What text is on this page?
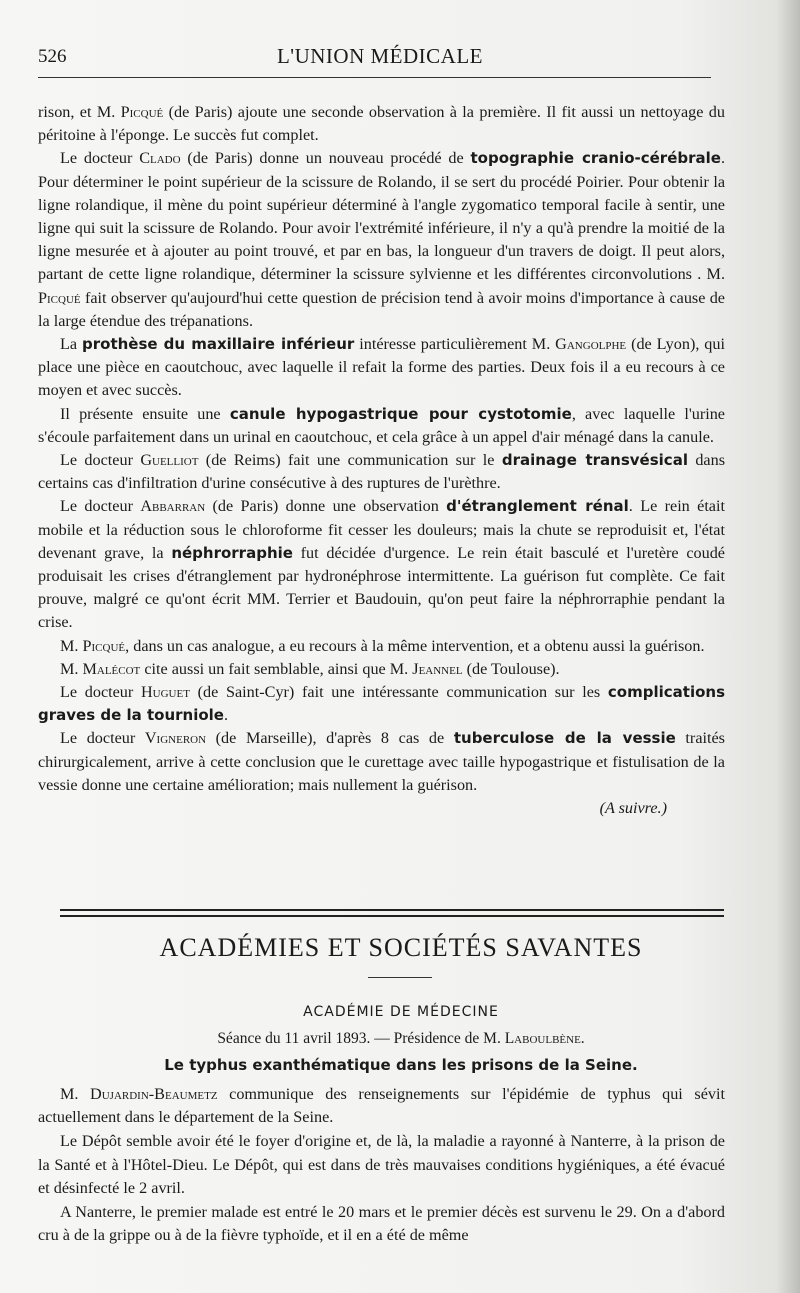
526	L'UNION MÉDICALE

rison, et M. Picqué (de Paris) ajoute une seconde observation à la première. Il fit aussi un nettoyage du péritoine à l'éponge. Le succès fut complet.

Le docteur Clado (de Paris) donne un nouveau procédé de topographie cranio-cérébrale. Pour déterminer le point supérieur de la scissure de Rolando, il se sert du procédé Poirier. Pour obtenir la ligne rolandique, il mène du point supérieur déterminé à l'angle zygomatico temporal facile à sentir, une ligne qui suit la scissure de Rolando. Pour avoir l'extrémité inférieure, il n'y a qu'à prendre la moitié de la ligne mesurée et à ajouter au point trouvé, et par en bas, la longueur d'un travers de doigt. Il peut alors, partant de cette ligne rolandique, déterminer la scissure sylvienne et les différentes circonvolutions . M. Picqué fait observer qu'aujourd'hui cette question de précision tend à avoir moins d'importance à cause de la large étendue des trépanations.

La prothèse du maxillaire inférieur intéresse particulièrement M. Gangolphe (de Lyon), qui place une pièce en caoutchouc, avec laquelle il refait la forme des parties. Deux fois il a eu recours à ce moyen et avec succès.

Il présente ensuite une canule hypogastrique pour cystotomie, avec laquelle l'urine s'écoule parfaitement dans un urinal en caoutchouc, et cela grâce à un appel d'air ménagé dans la canule.

Le docteur Guelliot (de Reims) fait une communication sur le drainage transvésical dans certains cas d'infiltration d'urine consécutive à des ruptures de l'urèthre.

Le docteur Abbarran (de Paris) donne une observation d'étranglement rénal. Le rein était mobile et la réduction sous le chloroforme fit cesser les douleurs; mais la chute se reproduisit et, l'état devenant grave, la néphrorraphie fut décidée d'urgence. Le rein était basculé et l'uretère coudé produisait les crises d'étranglement par hydronéphrose intermittente. La guérison fut complète. Ce fait prouve, malgré ce qu'ont écrit MM. Terrier et Baudouin, qu'on peut faire la néphrorraphie pendant la crise.

M. Picqué, dans un cas analogue, a eu recours à la même intervention, et a obtenu aussi la guérison.

M. Malécot cite aussi un fait semblable, ainsi que M. Jeannel (de Toulouse).

Le docteur Huguet (de Saint-Cyr) fait une intéressante communication sur les complications graves de la tourniole.

Le docteur Vigneron (de Marseille), d'après 8 cas de tuberculose de la vessie traités chirurgicalement, arrive à cette conclusion que le curettage avec taille hypogastrique et fistulisation de la vessie donne une certaine amélioration; mais nullement la guérison.

(A suivre.)

ACADÉMIES ET SOCIÉTÉS SAVANTES
ACADÉMIE DE MÉDECINE
Séance du 11 avril 1893. — Présidence de M. Laboulbène.
Le typhus exanthématique dans les prisons de la Seine.

M. Dujardin-Beaumetz communique des renseignements sur l'épidémie de typhus qui sévit actuellement dans le département de la Seine.

Le Dépôt semble avoir été le foyer d'origine et, de là, la maladie a rayonné à Nanterre, à la prison de la Santé et à l'Hôtel-Dieu. Le Dépôt, qui est dans de très mauvaises conditions hygiéniques, a été évacué et désinfecté le 2 avril.

A Nanterre, le premier malade est entré le 20 mars et le premier décès est survenu le 29. On a d'abord cru à de la grippe ou à de la fièvre typhoïde, et il en a été de même
